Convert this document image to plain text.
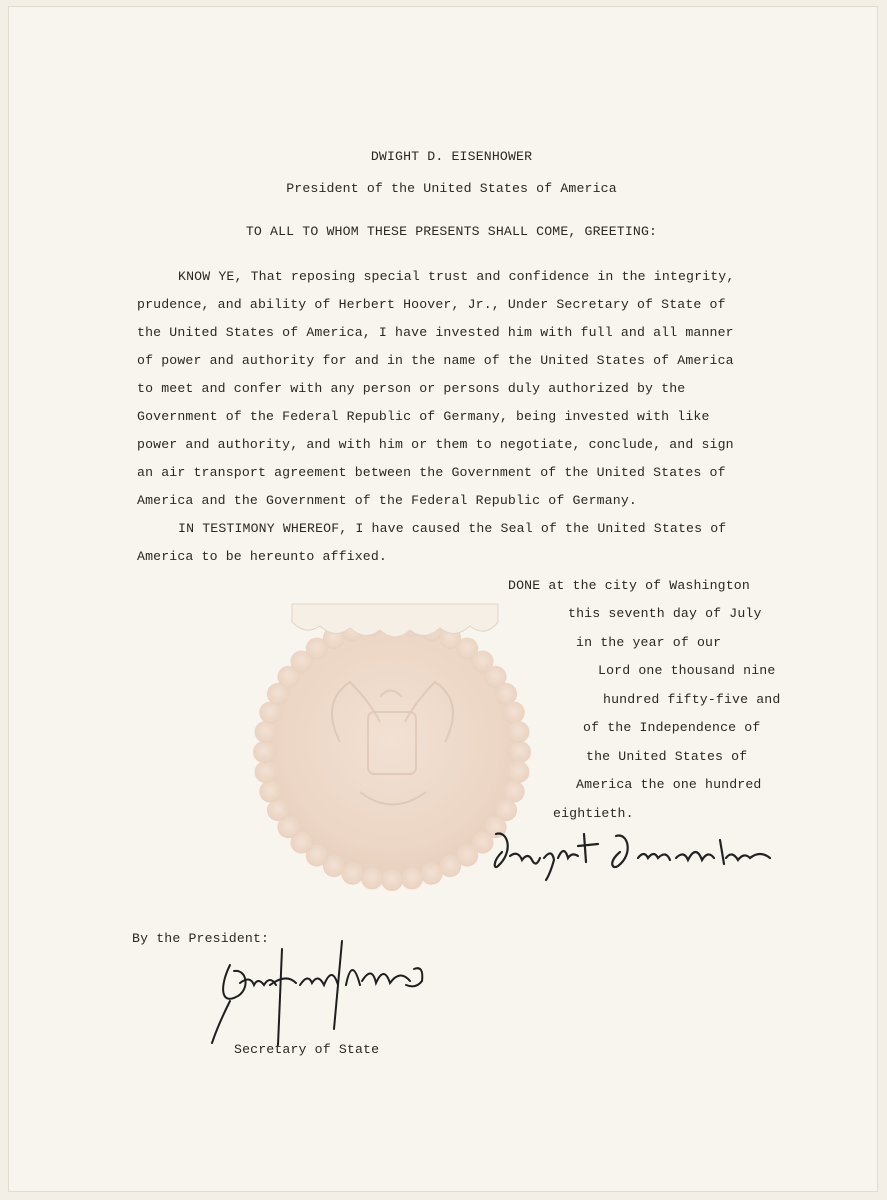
DWIGHT D. EISENHOWER
President of the United States of America
TO ALL TO WHOM THESE PRESENTS SHALL COME, GREETING:
KNOW YE, That reposing special trust and confidence in the integrity,
prudence, and ability of Herbert Hoover, Jr., Under Secretary of State of
the United States of America, I have invested him with full and all manner
of power and authority for and in the name of the United States of America
to meet and confer with any person or persons duly authorized by the
Government of the Federal Republic of Germany, being invested with like
power and authority, and with him or them to negotiate, conclude, and sign
an air transport agreement between the Government of the United States of
America and the Government of the Federal Republic of Germany.
IN TESTIMONY WHEREOF, I have caused the Seal of the United States of
America to be hereunto affixed.
DONE at the city of Washington
this seventh day of July
in the year of our
Lord one thousand nine
hundred fifty-five and
of the Independence of
the United States of
America the one hundred
eightieth.
By the President:
Secretary of State
